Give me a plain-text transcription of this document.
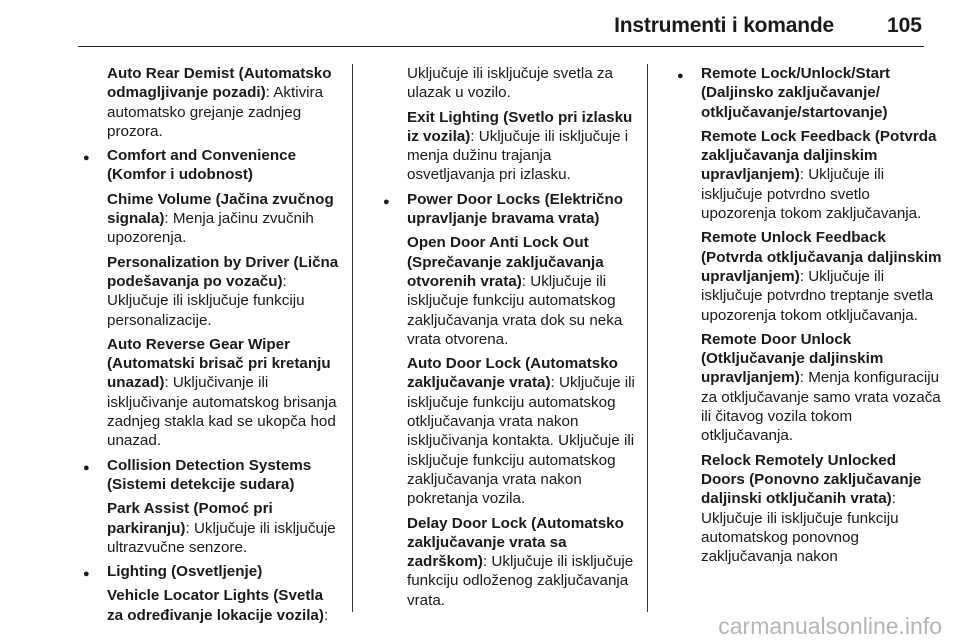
Instrumenti i komande	105
Auto Rear Demist (Automatsko odmagljivanje pozadi): Aktivira automatsko grejanje zadnjeg prozora.
● Comfort and Convenience (Komfor i udobnost)
Chime Volume (Jačina zvučnog signala): Menja jačinu zvučnih upozorenja.
Personalization by Driver (Lična podešavanja po vozaču): Uključuje ili isključuje funkciju personalizacije.
Auto Reverse Gear Wiper (Automatski brisač pri kretanju unazad): Uključivanje ili isključivanje automatskog brisanja zadnjeg stakla kad se ukopča hod unazad.
● Collision Detection Systems (Sistemi detekcije sudara)
Park Assist (Pomoć pri parkiranju): Uključuje ili isključuje ultrazvučne senzore.
● Lighting (Osvetljenje)
Vehicle Locator Lights (Svetla za određivanje lokacije vozila):
Uključuje ili isključuje svetla za ulazak u vozilo.
Exit Lighting (Svetlo pri izlasku iz vozila): Uključuje ili isključuje i menja dužinu trajanja osvetljavanja pri izlasku.
● Power Door Locks (Električno upravljanje bravama vrata)
Open Door Anti Lock Out (Sprečavanje zaključavanja otvorenih vrata): Uključuje ili isključuje funkciju automatskog zaključavanja vrata dok su neka vrata otvorena.
Auto Door Lock (Automatsko zaključavanje vrata): Uključuje ili isključuje funkciju automatskog otključavanja vrata nakon isključivanja kontakta. Uključuje ili isključuje funkciju automatskog zaključavanja vrata nakon pokretanja vozila.
Delay Door Lock (Automatsko zaključavanje vrata sa zadrškom): Uključuje ili isključuje funkciju odloženog zaključavanja vrata.
● Remote Lock/Unlock/Start (Daljinsko zaključavanje/ otključavanje/startovanje)
Remote Lock Feedback (Potvrda zaključavanja daljinskim upravljanjem): Uključuje ili isključuje potvrdno svetlo upozorenja tokom zaključavanja.
Remote Unlock Feedback (Potvrda otključavanja daljinskim upravljanjem): Uključuje ili isključuje potvrdno treptanje svetla upozorenja tokom otključavanja.
Remote Door Unlock (Otključavanje daljinskim upravljanjem): Menja konfiguraciju za otključavanje samo vrata vozača ili čitavog vozila tokom otključavanja.
Relock Remotely Unlocked Doors (Ponovno zaključavanje daljinski otključanih vrata): Uključuje ili isključuje funkciju automatskog ponovnog zaključavanja nakon
carmanualsonline.info
